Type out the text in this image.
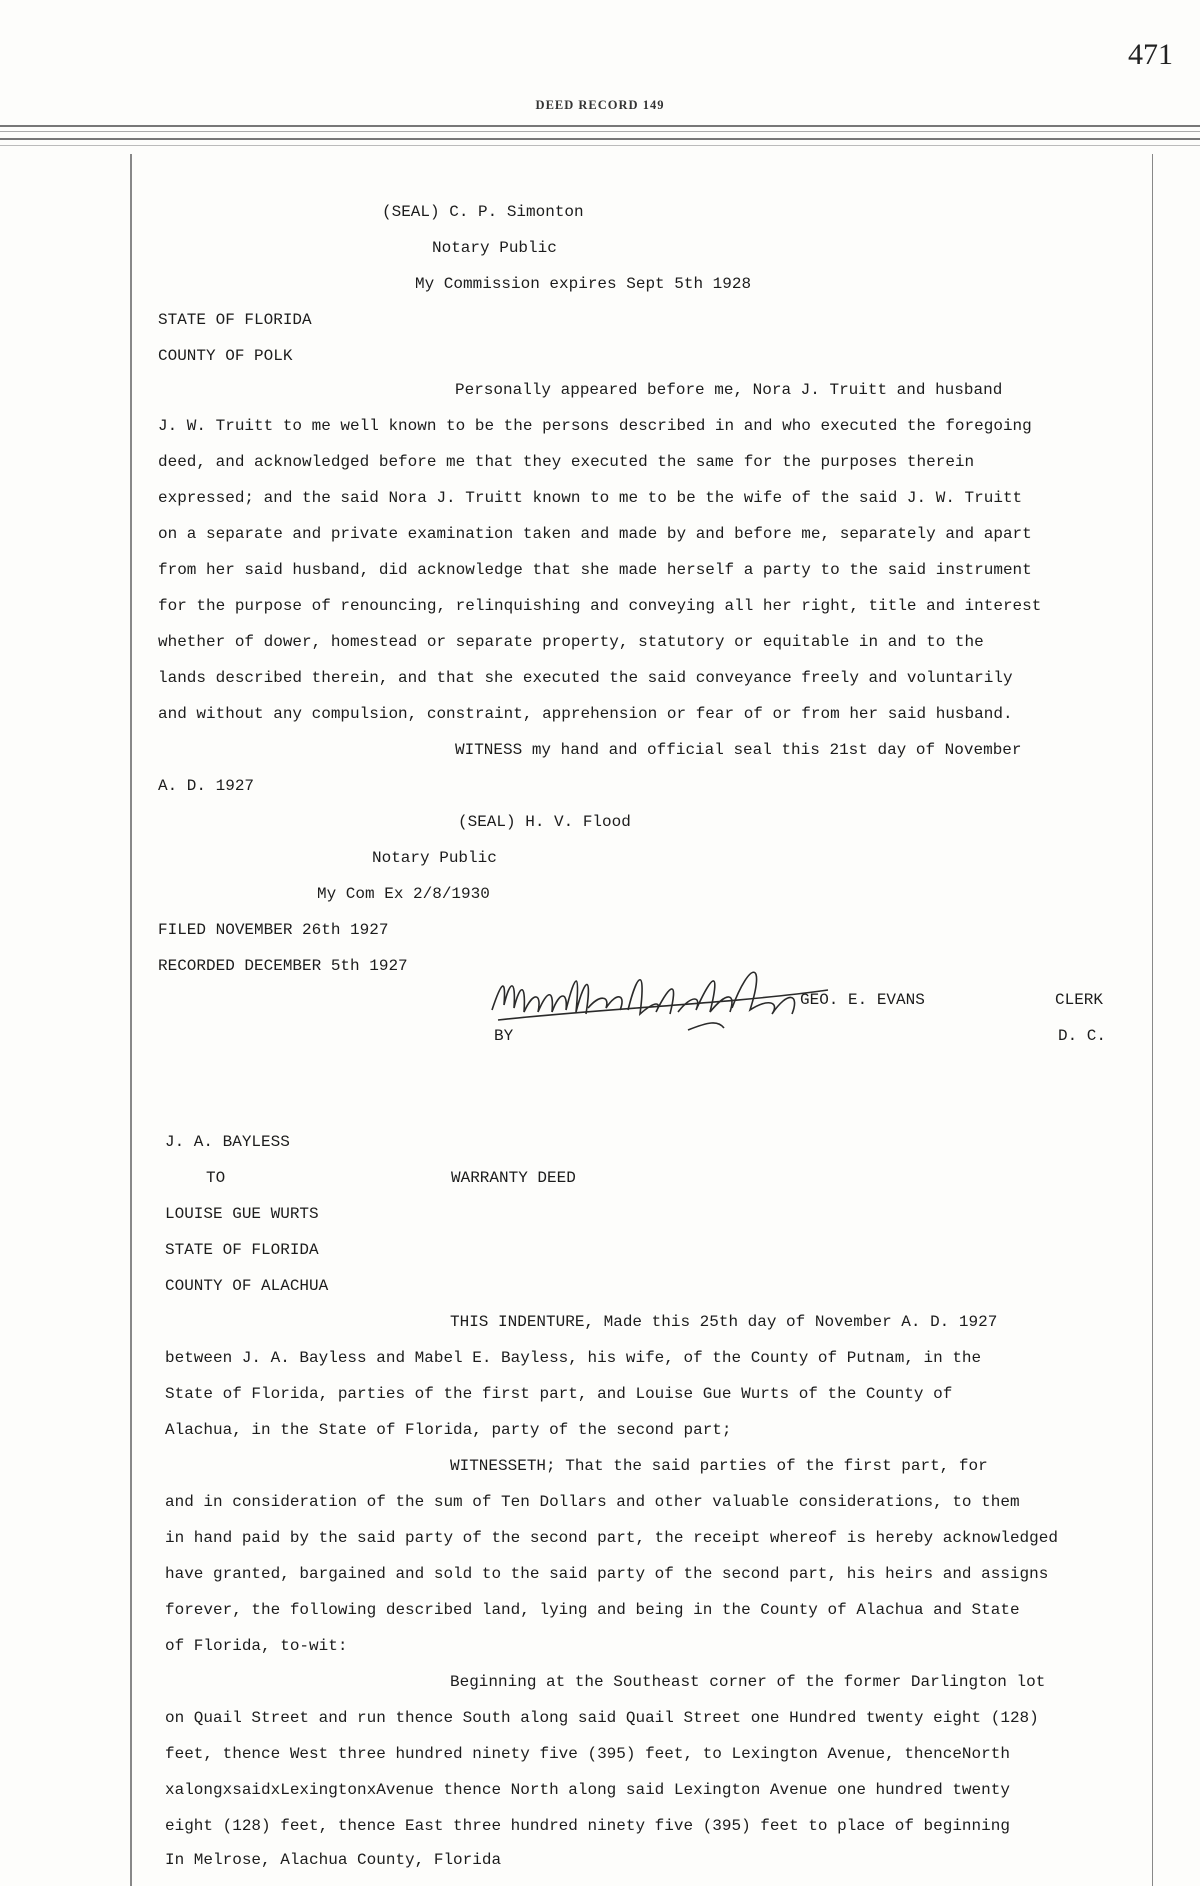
471
DEED RECORD 149
(SEAL) C. P. Simonton
Notary Public
My Commission expires Sept 5th 1928
STATE OF FLORIDA
COUNTY OF POLK
Personally appeared before me, Nora J. Truitt and husband
J. W. Truitt to me well known to be the persons described in and who executed the foregoing
deed, and acknowledged before me that they executed the same for the purposes therein
expressed; and the said Nora J. Truitt known to me to be the wife of the said J. W. Truitt
on a separate and private examination taken and made by and before me, separately and apart
from her said husband, did acknowledge that she made herself a party to the said instrument
for the purpose of renouncing, relinquishing and conveying all her right, title and interest
whether of dower, homestead or separate property, statutory or equitable in and to the
lands described therein, and that she executed the said conveyance freely and voluntarily
and without any compulsion, constraint, apprehension or fear of or from her said husband.
WITNESS my hand and official seal this 21st day of November
A. D. 1927
(SEAL) H. V. Flood
Notary Public
My Com Ex 2/8/1930
FILED NOVEMBER 26th 1927
RECORDED DECEMBER 5th 1927
GEO. E. EVANS	CLERK
BY	D. C.
J. A. BAYLESS
TO	WARRANTY DEED
LOUISE GUE WURTS
STATE OF FLORIDA
COUNTY OF ALACHUA
THIS INDENTURE, Made this 25th day of November A. D. 1927
between J. A. Bayless and Mabel E. Bayless, his wife, of the County of Putnam, in the
State of Florida, parties of the first part, and Louise Gue Wurts of the County of
Alachua, in the State of Florida, party of the second part;
WITNESSETH; That the said parties of the first part, for
and in consideration of the sum of Ten Dollars and other valuable considerations, to them
in hand paid by the said party of the second part, the receipt whereof is hereby acknowledged
have granted, bargained and sold to the said party of the second part, his heirs and assigns
forever, the following described land, lying and being in the County of Alachua and State
of Florida, to-wit:
Beginning at the Southeast corner of the former Darlington lot
on Quail Street and run thence South along said Quail Street one Hundred twenty eight (128)
feet, thence West three hundred ninety five (395) feet, to Lexington Avenue, thenceNorth
xalongxsaidxLexingtonxAvenue thence North along said Lexington Avenue one hundred twenty
eight (128) feet, thence East three hundred ninety five (395) feet to place of beginning
In Melrose, Alachua County, Florida
